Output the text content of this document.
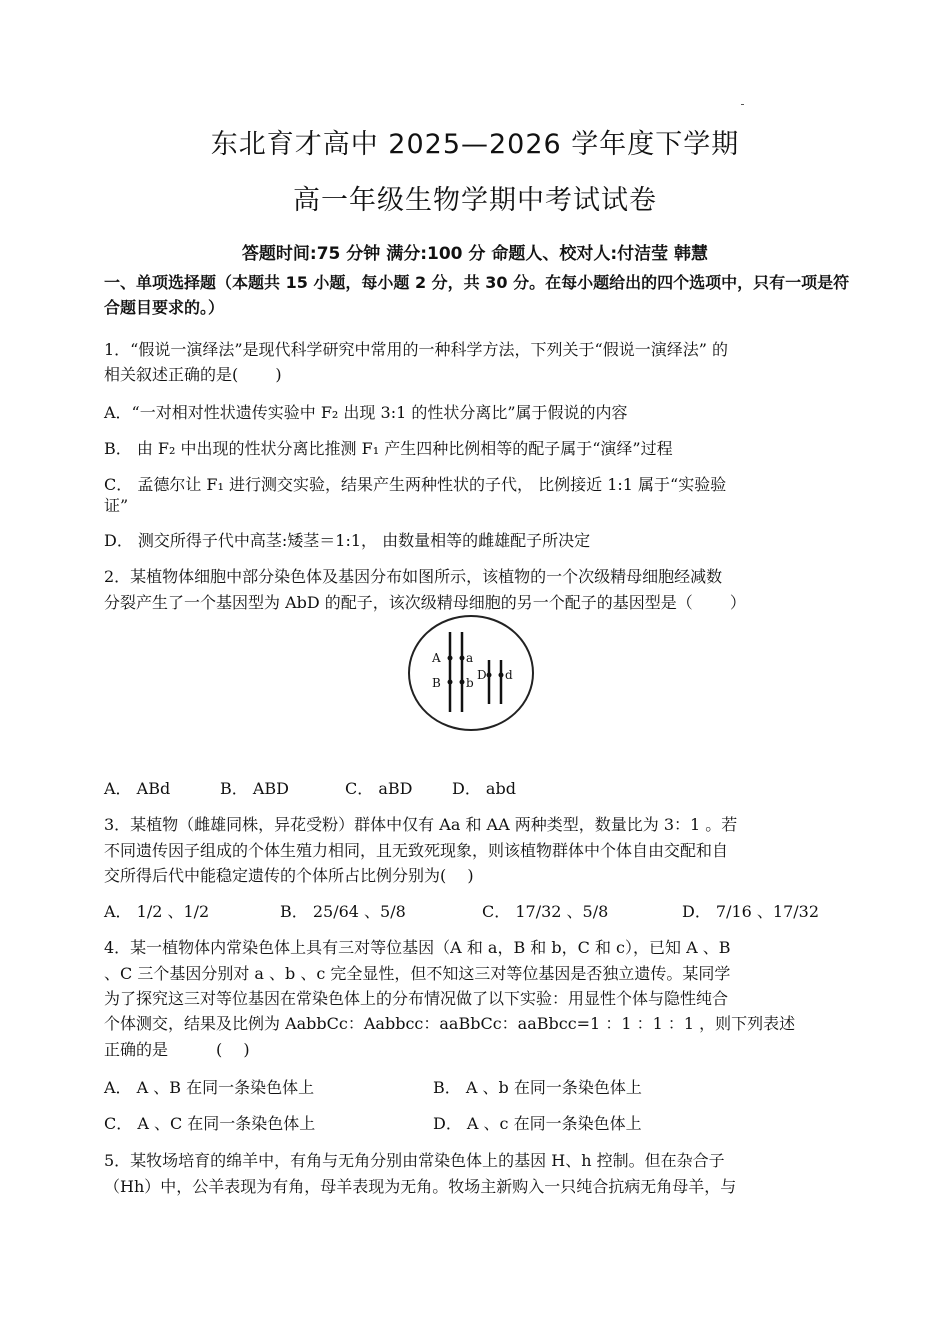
东北育才高中 2025—2026 学年度下学期
高一年级生物学期中考试试卷
答题时间:75 分钟 满分:100 分 命题人、校对人:付洁莹 韩慧
一、单项选择题（本题共 15 小题，每小题 2 分，共 30 分。在每小题给出的四个选项中，只有一项是符合题目要求的。）
1．“假说一演绎法”是现代科学研究中常用的一种科学方法，下列关于“假说一演绎法” 的
相关叙述正确的是(　　 )
A．“一对相对性状遗传实验中 F₂ 出现 3:1 的性状分离比”属于假说的内容
B． 由 F₂ 中出现的性状分离比推测 F₁ 产生四种比例相等的配子属于“演绎”过程
C． 孟德尔让 F₁ 进行测交实验，结果产生两种性状的子代， 比例接近 1:1 属于“实验验
证”
D． 测交所得子代中高茎:矮茎＝1:1， 由数量相等的雌雄配子所决定
2．某植物体细胞中部分染色体及基因分布如图所示，该植物的一个次级精母细胞经减数
分裂产生了一个基因型为 AbD 的配子，该次级精母细胞的另一个配子的基因型是（　　 ）
A a
B b
D d
A． ABd	B． ABD	C． aBD D． abd
3．某植物（雌雄同株，异花受粉）群体中仅有 Aa 和 AA 两种类型，数量比为 3：1 。若
不同遗传因子组成的个体生殖力相同，且无致死现象，则该植物群体中个体自由交配和自
交所得后代中能稳定遗传的个体所占比例分别为(　 )
A． 1/2 、1/2	B． 25/64 、5/8	C． 17/32 、5/8	D． 7/16 、17/32
4．某一植物体内常染色体上具有三对等位基因（A 和 a，B 和 b，C 和 c），已知 A 、B
、C 三个基因分别对 a 、b 、c 完全显性，但不知这三对等位基因是否独立遗传。某同学
为了探究这三对等位基因在常染色体上的分布情况做了以下实验：用显性个体与隐性纯合
个体测交，结果及比例为 AabbCc：Aabbcc：aaBbCc：aaBbcc=1 ：1 ：1 ：1 ，则下列表述
正确的是　　　(　 )
A． A 、B 在同一条染色体上	B． A 、b 在同一条染色体上
C． A 、C 在同一条染色体上	D． A 、c 在同一条染色体上
5．某牧场培育的绵羊中，有角与无角分别由常染色体上的基因 H、h 控制。但在杂合子
（Hh）中，公羊表现为有角，母羊表现为无角。牧场主新购入一只纯合抗病无角母羊，与
